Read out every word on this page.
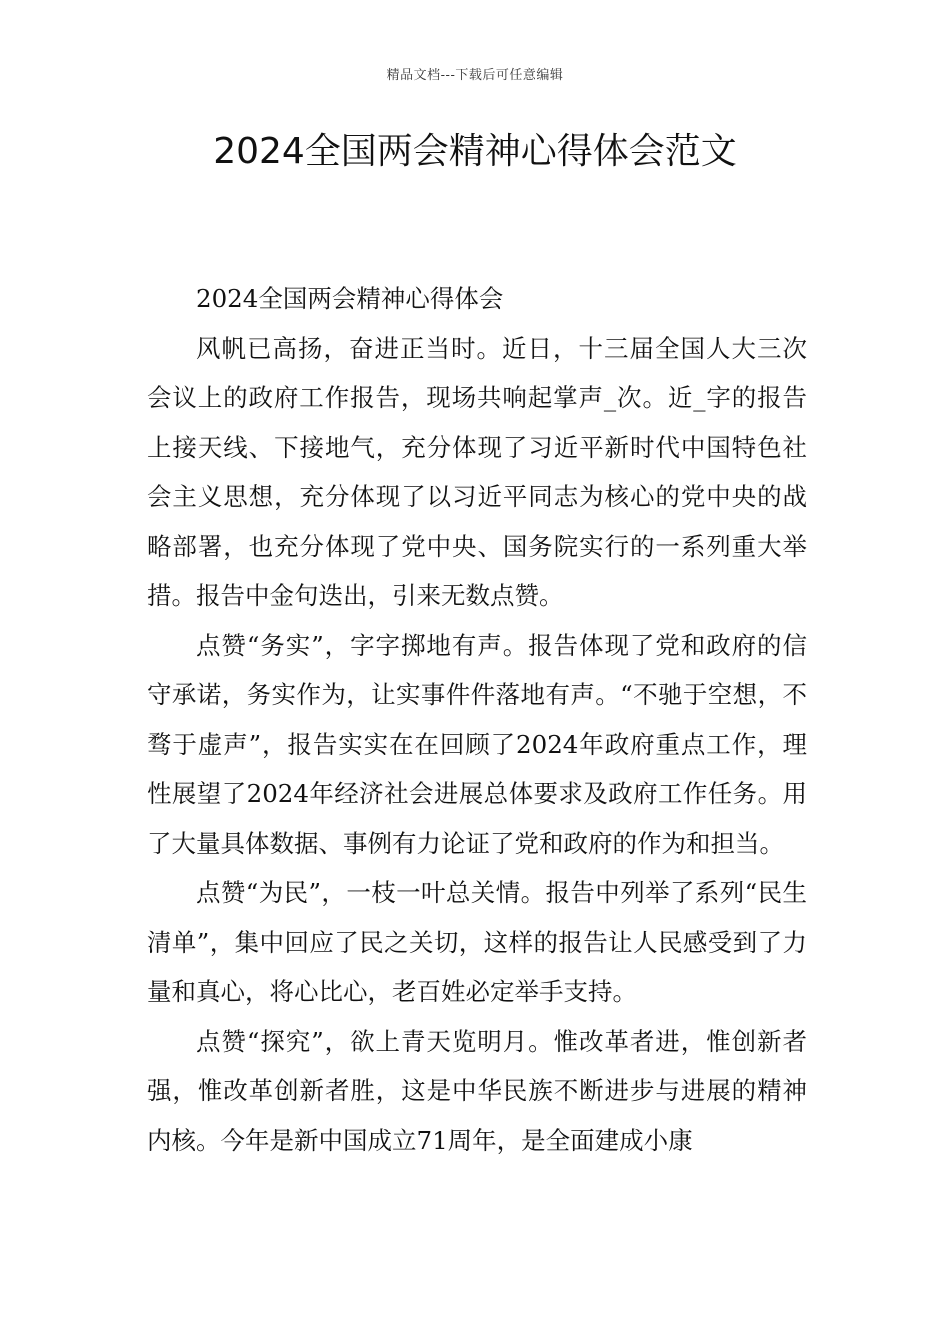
精品文档---下载后可任意编辑
2024全国两会精神心得体会范文

2024全国两会精神心得体会

风帆已高扬，奋进正当时。近日，十三届全国人大三次会议上的政府工作报告，现场共响起掌声_次。近_字的报告上接天线、下接地气，充分体现了习近平新时代中国特色社会主义思想，充分体现了以习近平同志为核心的党中央的战略部署，也充分体现了党中央、国务院实行的一系列重大举措。报告中金句迭出，引来无数点赞。

点赞“务实”，字字掷地有声。报告体现了党和政府的信守承诺，务实作为，让实事件件落地有声。“不驰于空想，不骛于虚声”，报告实实在在回顾了2024年政府重点工作，理性展望了2024年经济社会进展总体要求及政府工作任务。用了大量具体数据、事例有力论证了党和政府的作为和担当。

点赞“为民”，一枝一叶总关情。报告中列举了系列“民生清单”，集中回应了民之关切，这样的报告让人民感受到了力量和真心，将心比心，老百姓必定举手支持。

点赞“探究”，欲上青天览明月。惟改革者进，惟创新者强，惟改革创新者胜，这是中华民族不断进步与进展的精神内核。今年是新中国成立71周年，是全面建成小康
